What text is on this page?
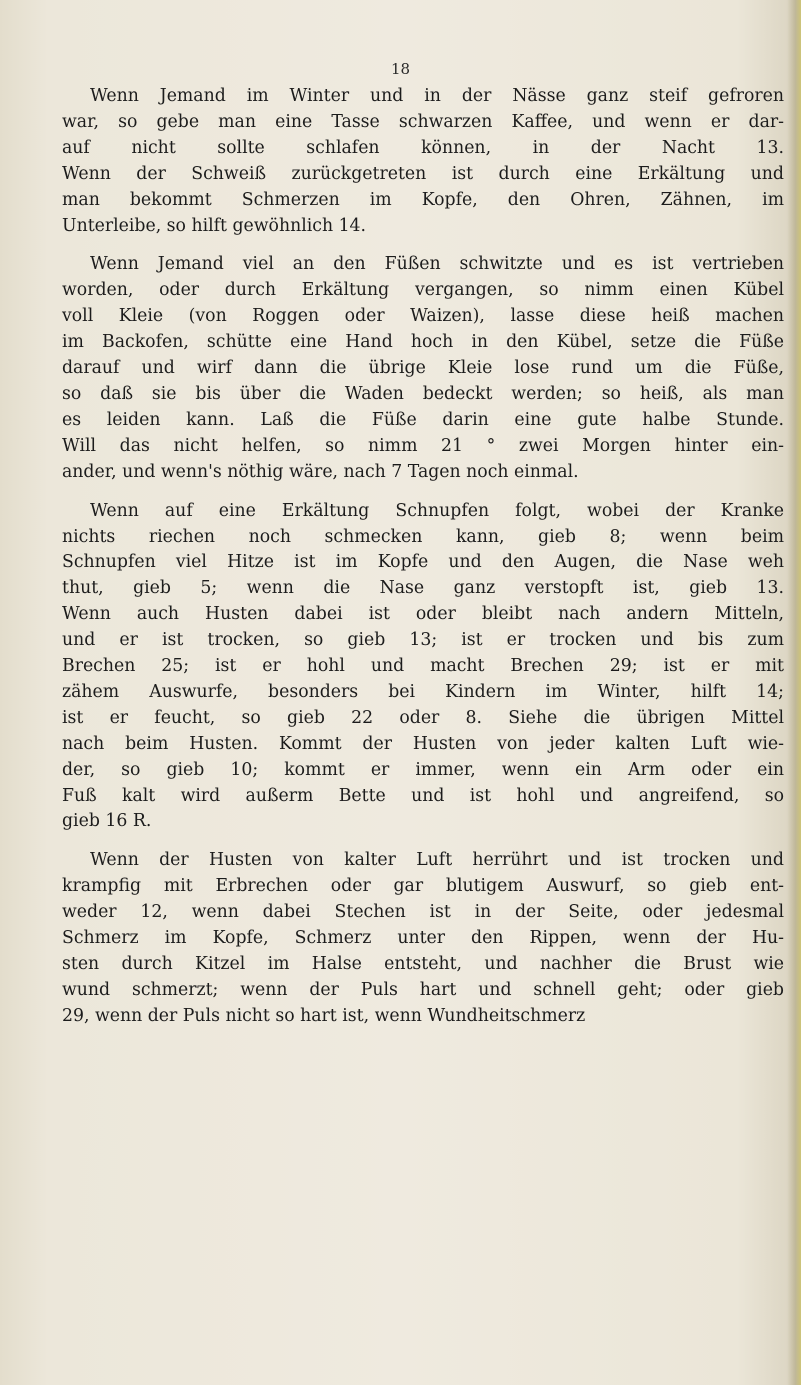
18
Wenn Jemand im Winter und in der Nässe ganz steif gefroren
war, so gebe man eine Tasse schwarzen Kaffee, und wenn er dar-
auf nicht sollte schlafen können, in der Nacht 13.
Wenn der Schweiß zurückgetreten ist durch eine Erkältung und
man bekommt Schmerzen im Kopfe, den Ohren, Zähnen, im
Unterleibe, so hilft gewöhnlich 14.
Wenn Jemand viel an den Füßen schwitzte und es ist vertrieben
worden, oder durch Erkältung vergangen, so nimm einen Kübel
voll Kleie (von Roggen oder Waizen), lasse diese heiß machen
im Backofen, schütte eine Hand hoch in den Kübel, setze die Füße
darauf und wirf dann die übrige Kleie lose rund um die Füße,
so daß sie bis über die Waden bedeckt werden; so heiß, als man
es leiden kann. Laß die Füße darin eine gute halbe Stunde.
Will das nicht helfen, so nimm 21 ° zwei Morgen hinter ein-
ander, und wenn's nöthig wäre, nach 7 Tagen noch einmal.
Wenn auf eine Erkältung Schnupfen folgt, wobei der Kranke
nichts riechen noch schmecken kann, gieb 8; wenn beim
Schnupfen viel Hitze ist im Kopfe und den Augen, die Nase weh
thut, gieb 5; wenn die Nase ganz verstopft ist, gieb 13.
Wenn auch Husten dabei ist oder bleibt nach andern Mitteln,
und er ist trocken, so gieb 13; ist er trocken und bis zum
Brechen 25; ist er hohl und macht Brechen 29; ist er mit
zähem Auswurfe, besonders bei Kindern im Winter, hilft 14;
ist er feucht, so gieb 22 oder 8. Siehe die übrigen Mittel
nach beim Husten. Kommt der Husten von jeder kalten Luft wie-
der, so gieb 10; kommt er immer, wenn ein Arm oder ein
Fuß kalt wird außerm Bette und ist hohl und angreifend, so
gieb 16 R.
Wenn der Husten von kalter Luft herrührt und ist trocken und
krampfig mit Erbrechen oder gar blutigem Auswurf, so gieb ent-
weder 12, wenn dabei Stechen ist in der Seite, oder jedesmal
Schmerz im Kopfe, Schmerz unter den Rippen, wenn der Hu-
sten durch Kitzel im Halse entsteht, und nachher die Brust wie
wund schmerzt; wenn der Puls hart und schnell geht; oder gieb
29, wenn der Puls nicht so hart ist, wenn Wundheitschmerz
